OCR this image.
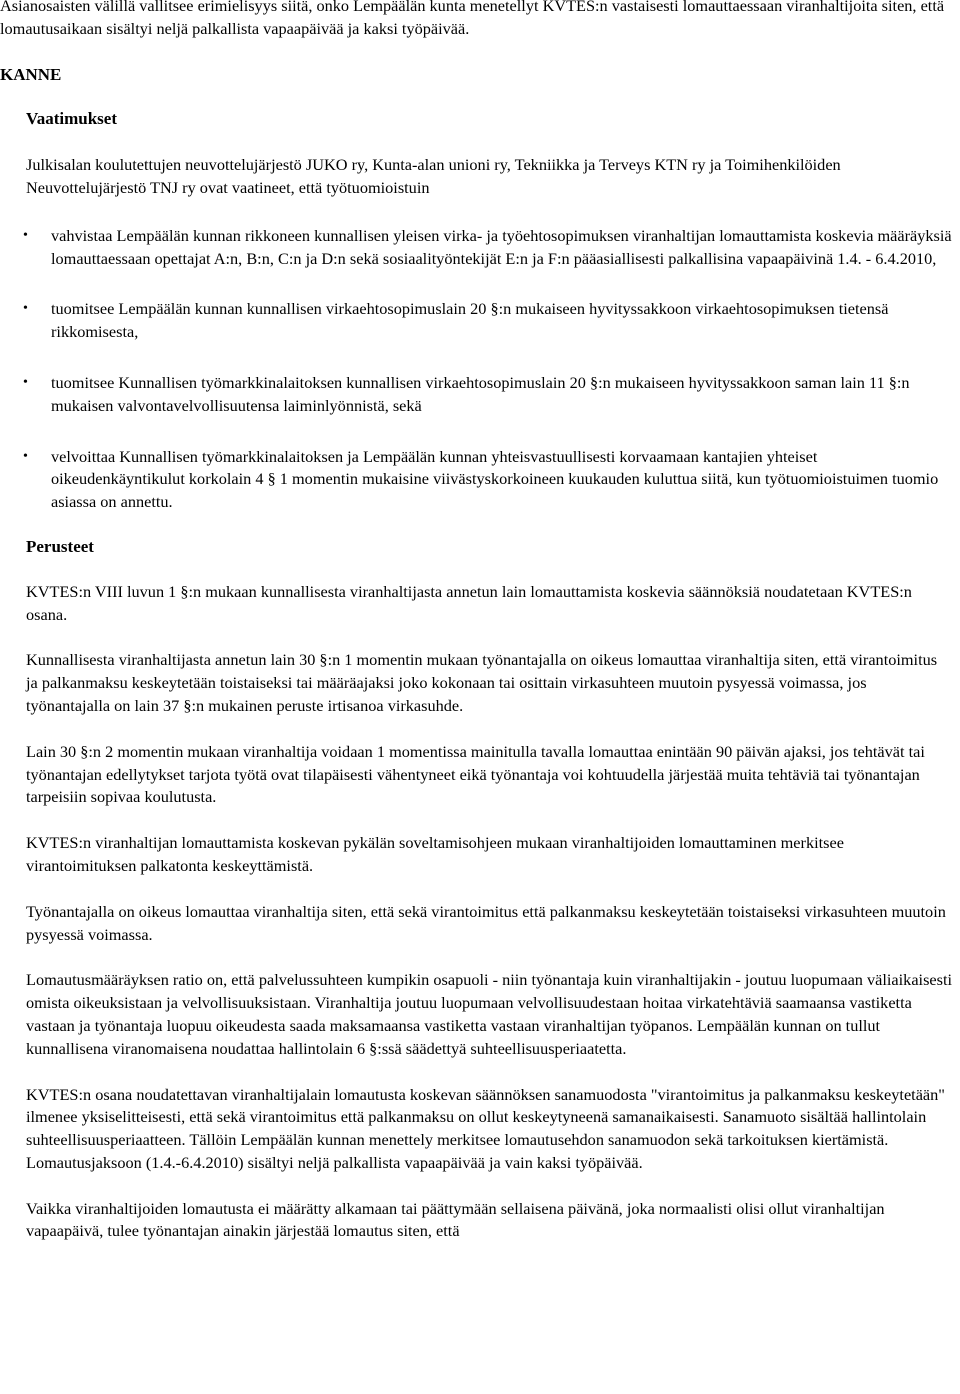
Asianosaisten välillä vallitsee erimielisyys siitä, onko Lempäälän kunta menetellyt KVTES:n vastaisesti lomauttaessaan viranhaltijoita siten, että lomautusaikaan sisältyi neljä palkallista vapaapäivää ja kaksi työpäivää.

KANNE

Vaatimukset

Julkisalan koulutettujen neuvottelujärjestö JUKO ry, Kunta-alan unioni ry, Tekniikka ja Terveys KTN ry ja Toimihenkilöiden Neuvottelujärjestö TNJ ry ovat vaatineet, että työtuomioistuin

• vahvistaa Lempäälän kunnan rikkoneen kunnallisen yleisen virka- ja työehtosopimuksen viranhaltijan lomauttamista koskevia määräyksiä lomauttaessaan opettajat A:n, B:n, C:n ja D:n sekä sosiaalityöntekijät E:n ja F:n pääasiallisesti palkallisina vapaapäivinä 1.4. - 6.4.2010,
• tuomitsee Lempäälän kunnan kunnallisen virkaehtosopimuslain 20 §:n mukaiseen hyvityssakkoon virkaehtosopimuksen tietensä rikkomisesta,
• tuomitsee Kunnallisen työmarkkinalaitoksen kunnallisen virkaehtosopimuslain 20 §:n mukaiseen hyvityssakkoon saman lain 11 §:n mukaisen valvontavelvollisuutensa laiminlyönnistä, sekä
• velvoittaa Kunnallisen työmarkkinalaitoksen ja Lempäälän kunnan yhteisvastuullisesti korvaamaan kantajien yhteiset oikeudenkäyntikulut korkolain 4 § 1 momentin mukaisine viivästyskorkoineen kuukauden kuluttua siitä, kun työtuomioistuimen tuomio asiassa on annettu.

Perusteet

KVTES:n VIII luvun 1 §:n mukaan kunnallisesta viranhaltijasta annetun lain lomauttamista koskevia säännöksiä noudatetaan KVTES:n osana.

Kunnallisesta viranhaltijasta annetun lain 30 §:n 1 momentin mukaan työnantajalla on oikeus lomauttaa viranhaltija siten, että virantoimitus ja palkanmaksu keskeytetään toistaiseksi tai määräajaksi joko kokonaan tai osittain virkasuhteen muutoin pysyessä voimassa, jos työnantajalla on lain 37 §:n mukainen peruste irtisanoa virkasuhde.

Lain 30 §:n 2 momentin mukaan viranhaltija voidaan 1 momentissa mainitulla tavalla lomauttaa enintään 90 päivän ajaksi, jos tehtävät tai työnantajan edellytykset tarjota työtä ovat tilapäisesti vähentyneet eikä työnantaja voi kohtuudella järjestää muita tehtäviä tai työnantajan tarpeisiin sopivaa koulutusta.

KVTES:n viranhaltijan lomauttamista koskevan pykälän soveltamisohjeen mukaan viranhaltijoiden lomauttaminen merkitsee virantoimituksen palkatonta keskeyttämistä.

Työnantajalla on oikeus lomauttaa viranhaltija siten, että sekä virantoimitus että palkanmaksu keskeytetään toistaiseksi virkasuhteen muutoin pysyessä voimassa.

Lomautusmääräyksen ratio on, että palvelussuhteen kumpikin osapuoli - niin työnantaja kuin viranhaltijakin - joutuu luopumaan väliaikaisesti omista oikeuksistaan ja velvollisuuksistaan. Viranhaltija joutuu luopumaan velvollisuudestaan hoitaa virkatehtäviä saamaansa vastiketta vastaan ja työnantaja luopuu oikeudesta saada maksamaansa vastiketta vastaan viranhaltijan työpanos. Lempäälän kunnan on tullut kunnallisena viranomaisena noudattaa hallintolain 6 §:ssä säädettyä suhteellisuusperiaatetta.

KVTES:n osana noudatettavan viranhaltijalain lomautusta koskevan säännöksen sanamuodosta "virantoimitus ja palkanmaksu keskeytetään" ilmenee yksiselitteisesti, että sekä virantoimitus että palkanmaksu on ollut keskeytyneenä samanaikaisesti. Sanamuoto sisältää hallintolain suhteellisuusperiaatteen. Tällöin Lempäälän kunnan menettely merkitsee lomautusehdon sanamuodon sekä tarkoituksen kiertämistä. Lomautusjaksoon (1.4.-6.4.2010) sisältyi neljä palkallista vapaapäivää ja vain kaksi työpäivää.

Vaikka viranhaltijoiden lomautusta ei määrätty alkamaan tai päättymään sellaisena päivänä, joka normaalisti olisi ollut viranhaltijan vapaapäivä, tulee työnantajan ainakin järjestää lomautus siten, että
